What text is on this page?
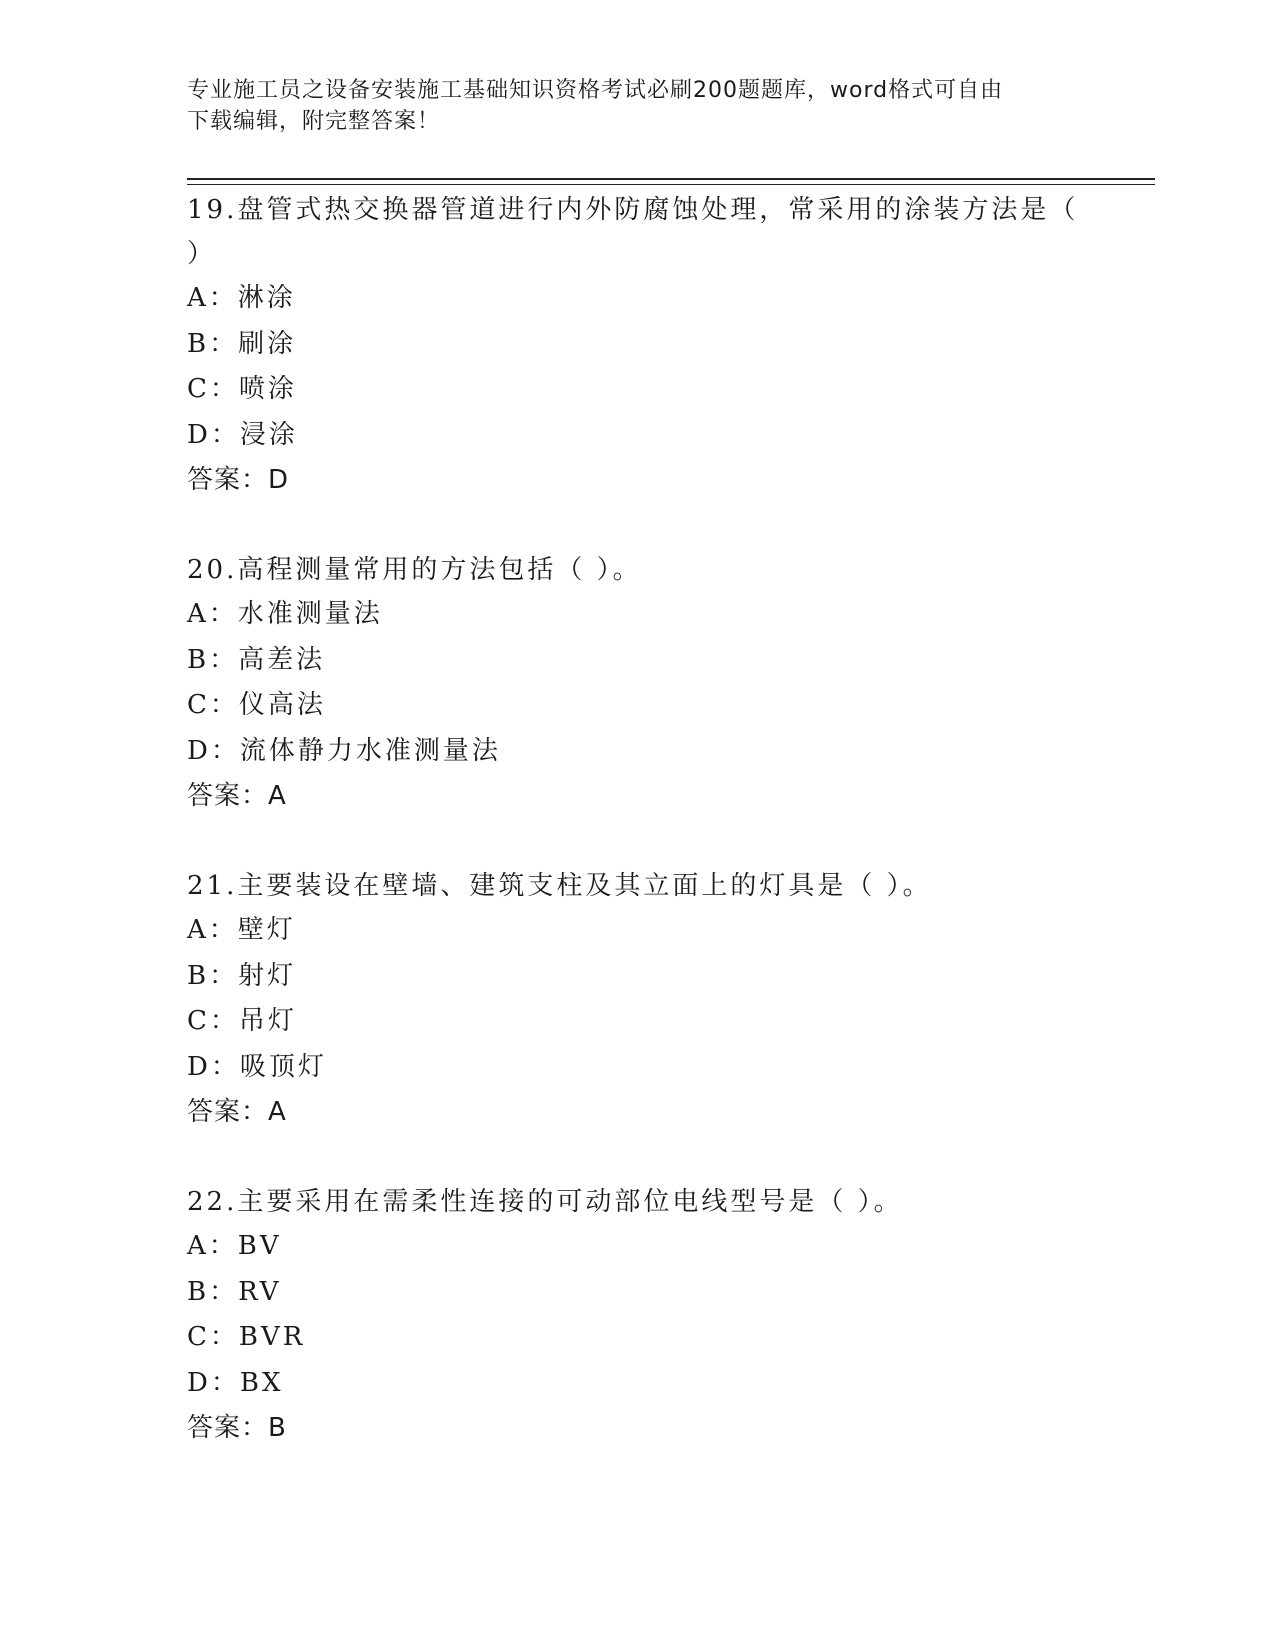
专业施工员之设备安装施工基础知识资格考试必刷200题题库，word格式可自由
下载编辑，附完整答案！

19.盘管式热交换器管道进行内外防腐蚀处理，常采用的涂装方法是（

）

A：淋涂

B：刷涂

C：喷涂

D：浸涂

答案：D

20.高程测量常用的方法包括（ ）。

A：水准测量法

B：高差法

C：仪高法

D：流体静力水准测量法

答案：A

21.主要装设在壁墙、建筑支柱及其立面上的灯具是（ ）。

A：壁灯

B：射灯

C：吊灯

D：吸顶灯

答案：A

22.主要采用在需柔性连接的可动部位电线型号是（ ）。

A：BV

B：RV

C：BVR

D：BX

答案：B
